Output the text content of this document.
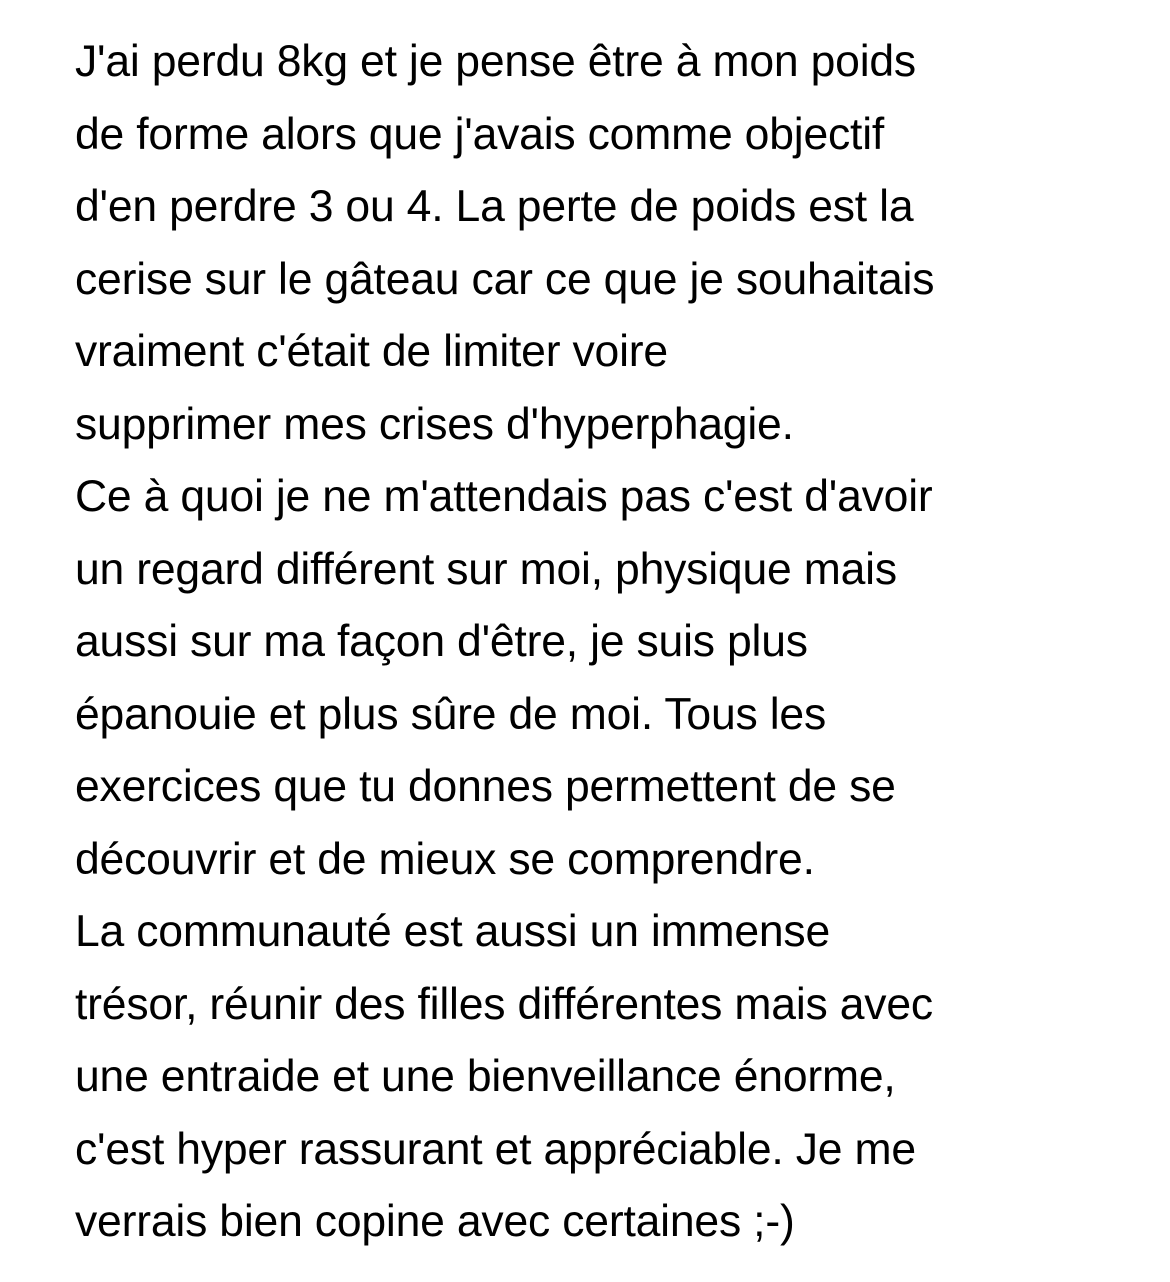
J'ai perdu 8kg et je pense être à mon poids
de forme alors que j'avais comme objectif
d'en perdre 3 ou 4. La perte de poids est la
cerise sur le gâteau car ce que je souhaitais
vraiment c'était de limiter voire
supprimer mes crises d'hyperphagie.
Ce à quoi je ne m'attendais pas c'est d'avoir
un regard différent sur moi, physique mais
aussi sur ma façon d'être, je suis plus
épanouie et plus sûre de moi. Tous les
exercices que tu donnes permettent de se
découvrir et de mieux se comprendre.
La communauté est aussi un immense
trésor, réunir des filles différentes mais avec
une entraide et une bienveillance énorme,
c'est hyper rassurant et appréciable. Je me
verrais bien copine avec certaines ;-)
